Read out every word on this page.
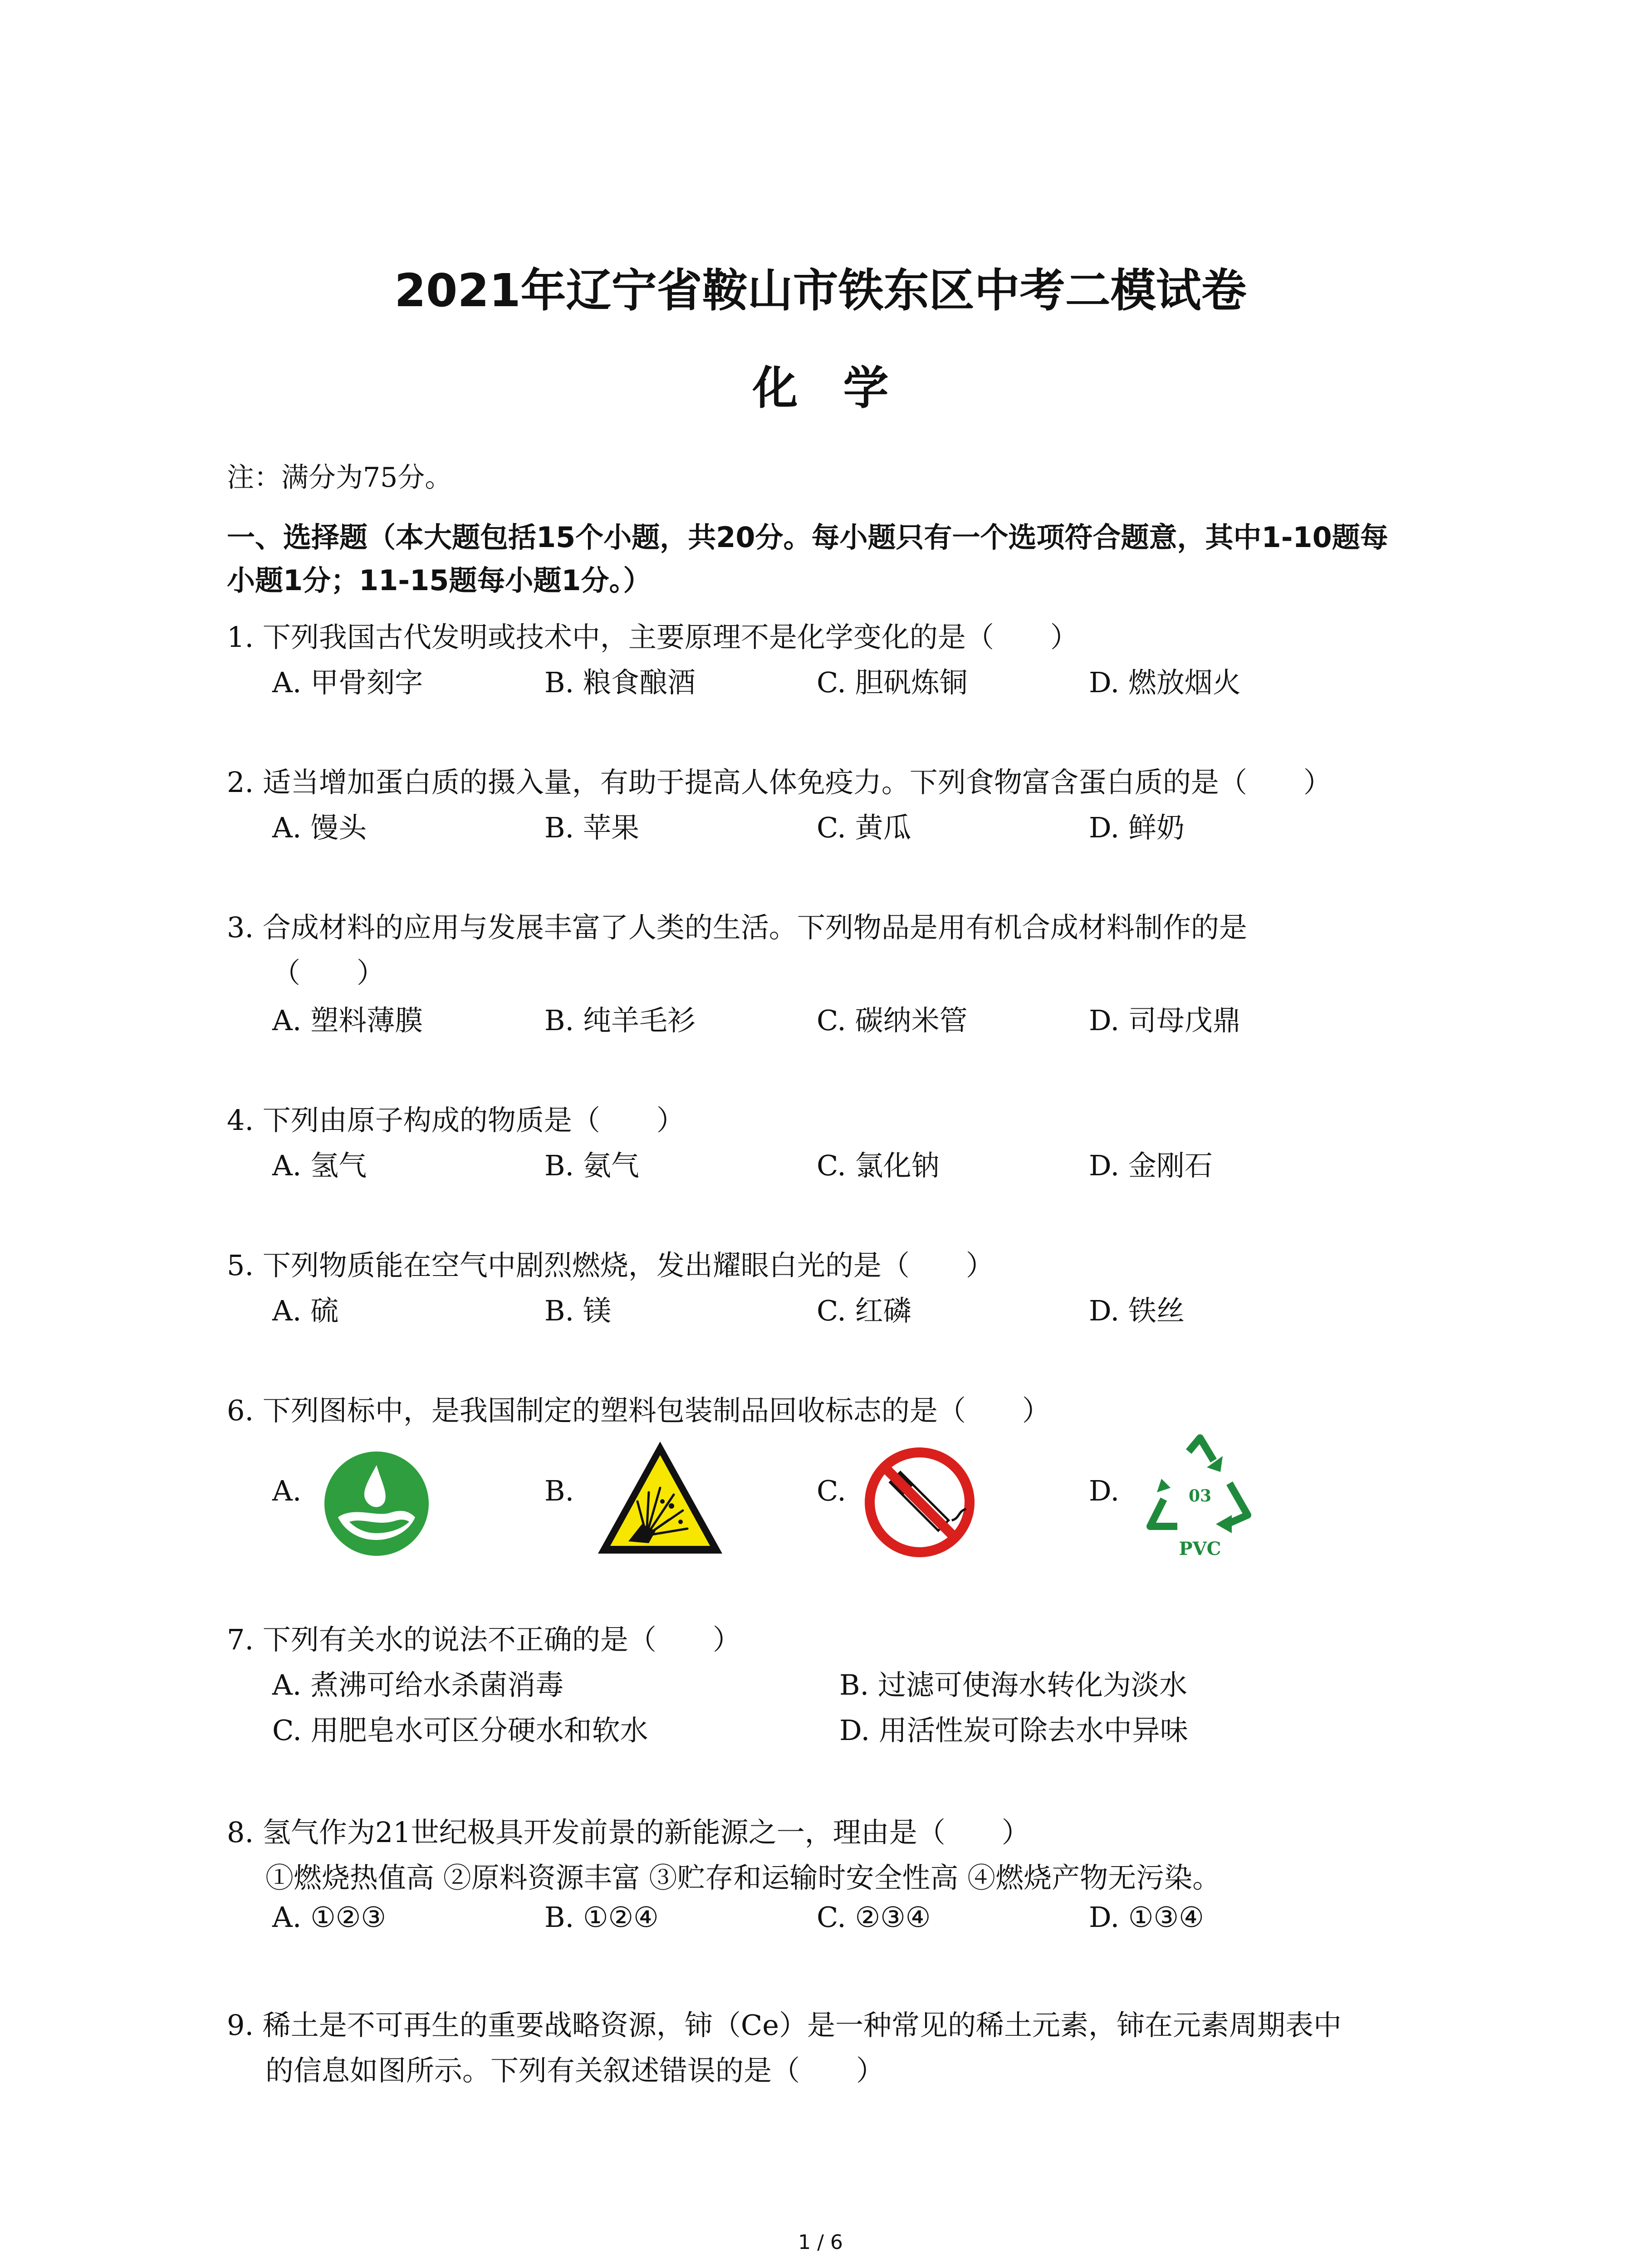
2021年辽宁省鞍山市铁东区中考二模试卷
化学
注：满分为75分。
一、选择题（本大题包括15个小题，共20分。每小题只有一个选项符合题意，其中1-10题每
小题1分；11-15题每小题1分。）
1. 下列我国古代发明或技术中，主要原理不是化学变化的是（　　）
A. 甲骨刻字	B. 粮食酿酒	C. 胆矾炼铜	D. 燃放烟火
2. 适当增加蛋白质的摄入量，有助于提高人体免疫力。下列食物富含蛋白质的是（　　）
A. 馒头	B. 苹果	C. 黄瓜	D. 鲜奶
3. 合成材料的应用与发展丰富了人类的生活。下列物品是用有机合成材料制作的是
（　　）
A. 塑料薄膜	B. 纯羊毛衫	C. 碳纳米管	D. 司母戊鼎
4. 下列由原子构成的物质是（　　）
A. 氢气	B. 氨气	C. 氯化钠	D. 金刚石
5. 下列物质能在空气中剧烈燃烧，发出耀眼白光的是（　　）
A. 硫	B. 镁	C. 红磷	D. 铁丝
6. 下列图标中，是我国制定的塑料包装制品回收标志的是（　　）
A.	B.	C.	D.	03
PVC
7. 下列有关水的说法不正确的是（　　）
A. 煮沸可给水杀菌消毒	B. 过滤可使海水转化为淡水
C. 用肥皂水可区分硬水和软水	D. 用活性炭可除去水中异味
8. 氢气作为21世纪极具开发前景的新能源之一，理由是（　　）
①燃烧热值高 ②原料资源丰富 ③贮存和运输时安全性高 ④燃烧产物无污染。
A. ①②③	B. ①②④	C. ②③④	D. ①③④
9. 稀土是不可再生的重要战略资源，铈（Ce）是一种常见的稀土元素，铈在元素周期表中
的信息如图所示。下列有关叙述错误的是（　　）
1 / 6
